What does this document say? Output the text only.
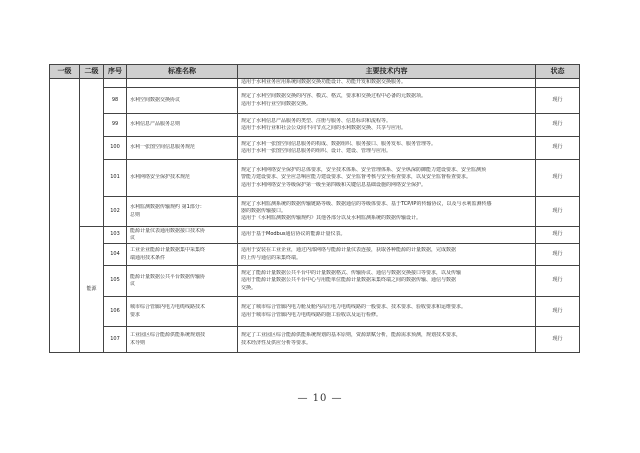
一级	二级	序号	标准名称	主要技术内容	状态
				适用于水利业务应用系统间数据交换功能设计、功能开发和数据交换服务。	
		98	水利空间数据交换协议	规定了水利空间数据交换的内容、模式、格式，要求和交换过程中必备的元数据项。
适用于水利行业空间数据交换。	现行
		99	水利信息产品服务总则	规定了水利信息产品服务的类型、注册与服务、信息标识和流程等。
适用于水利行业和社会公众间不同节点之间的水利数据交换、共享与应用。	现行
		100	水利一张图空间信息服务规范	规定了水利一张图空间信息服务的构成、数据组织、服务接口、服务发布、服务管理等。
适用于水利一张图空间信息服务的组织、设计、建设、管理与应用。	现行
		101	水利网络安全保护技术规范	规定了水利网络安全保护的总体要求，安全技术体系、安全管理体系、安全纵深防御能力建设要求、安全监测预
警能力建设要求、安全应急响应能力建设要求、安全监督考核与安全检查要求，以及安全监督检查要求。
适用于水利网络安全等级保护第一级至第四级和关键信息基础设施的网络安全保护。	现行
		102	水利监测数据传输规约 第1部分：
总则	规定了水利监测系统的数据传输链路等级、数据通信的等级体要求、基于TCP/IP的传输协议，以及与水利监测传感
器的数据传输接口。
适用于《水利监测数据传输规约》其他各部分以及水利监测系统的数据传输设计。	现行
	能源	103	能源计量仪表通用数据接口技术协
议	适用于基于Modbus通信协议的能源计量仪表。	现行
		104	工业企业能源计量数据集中采集终
端通用技术条件	适用于安装在工业企业，通过内部网络与能源计量仪表连接，获取各种能源的计量数据，完成数据
的上传与通信的采集终端。	现行
		105	能源计量数据公共平台数据传输协
议	规定了能源计量数据公共平台中的计量数据格式、传输协议、通信与数据交换接口等要求，以及传输
适用于能源计量数据公共平台中心与用能单位能源计量数据采集终端之间的数据传输、通信与数据
交换。	现行
		106	城市综合管廊内电力电缆线路技术
要求	规定了城市综合管廊内电力舱及舱内高压电力电缆线路的一般要求、技术要求、验收要求和运维要求。
适用于城市综合管廊内电力电缆线路的施工验收以及运行检修。	现行
		107	工业园区综合能源供能系统规划技
术导则	规定了工业园区综合能源供能系统规划的基本原则，资源禀赋分析，能源需求预测，规划技术要求，
技术经济性及供应分析等要求。	现行
— 10 —
